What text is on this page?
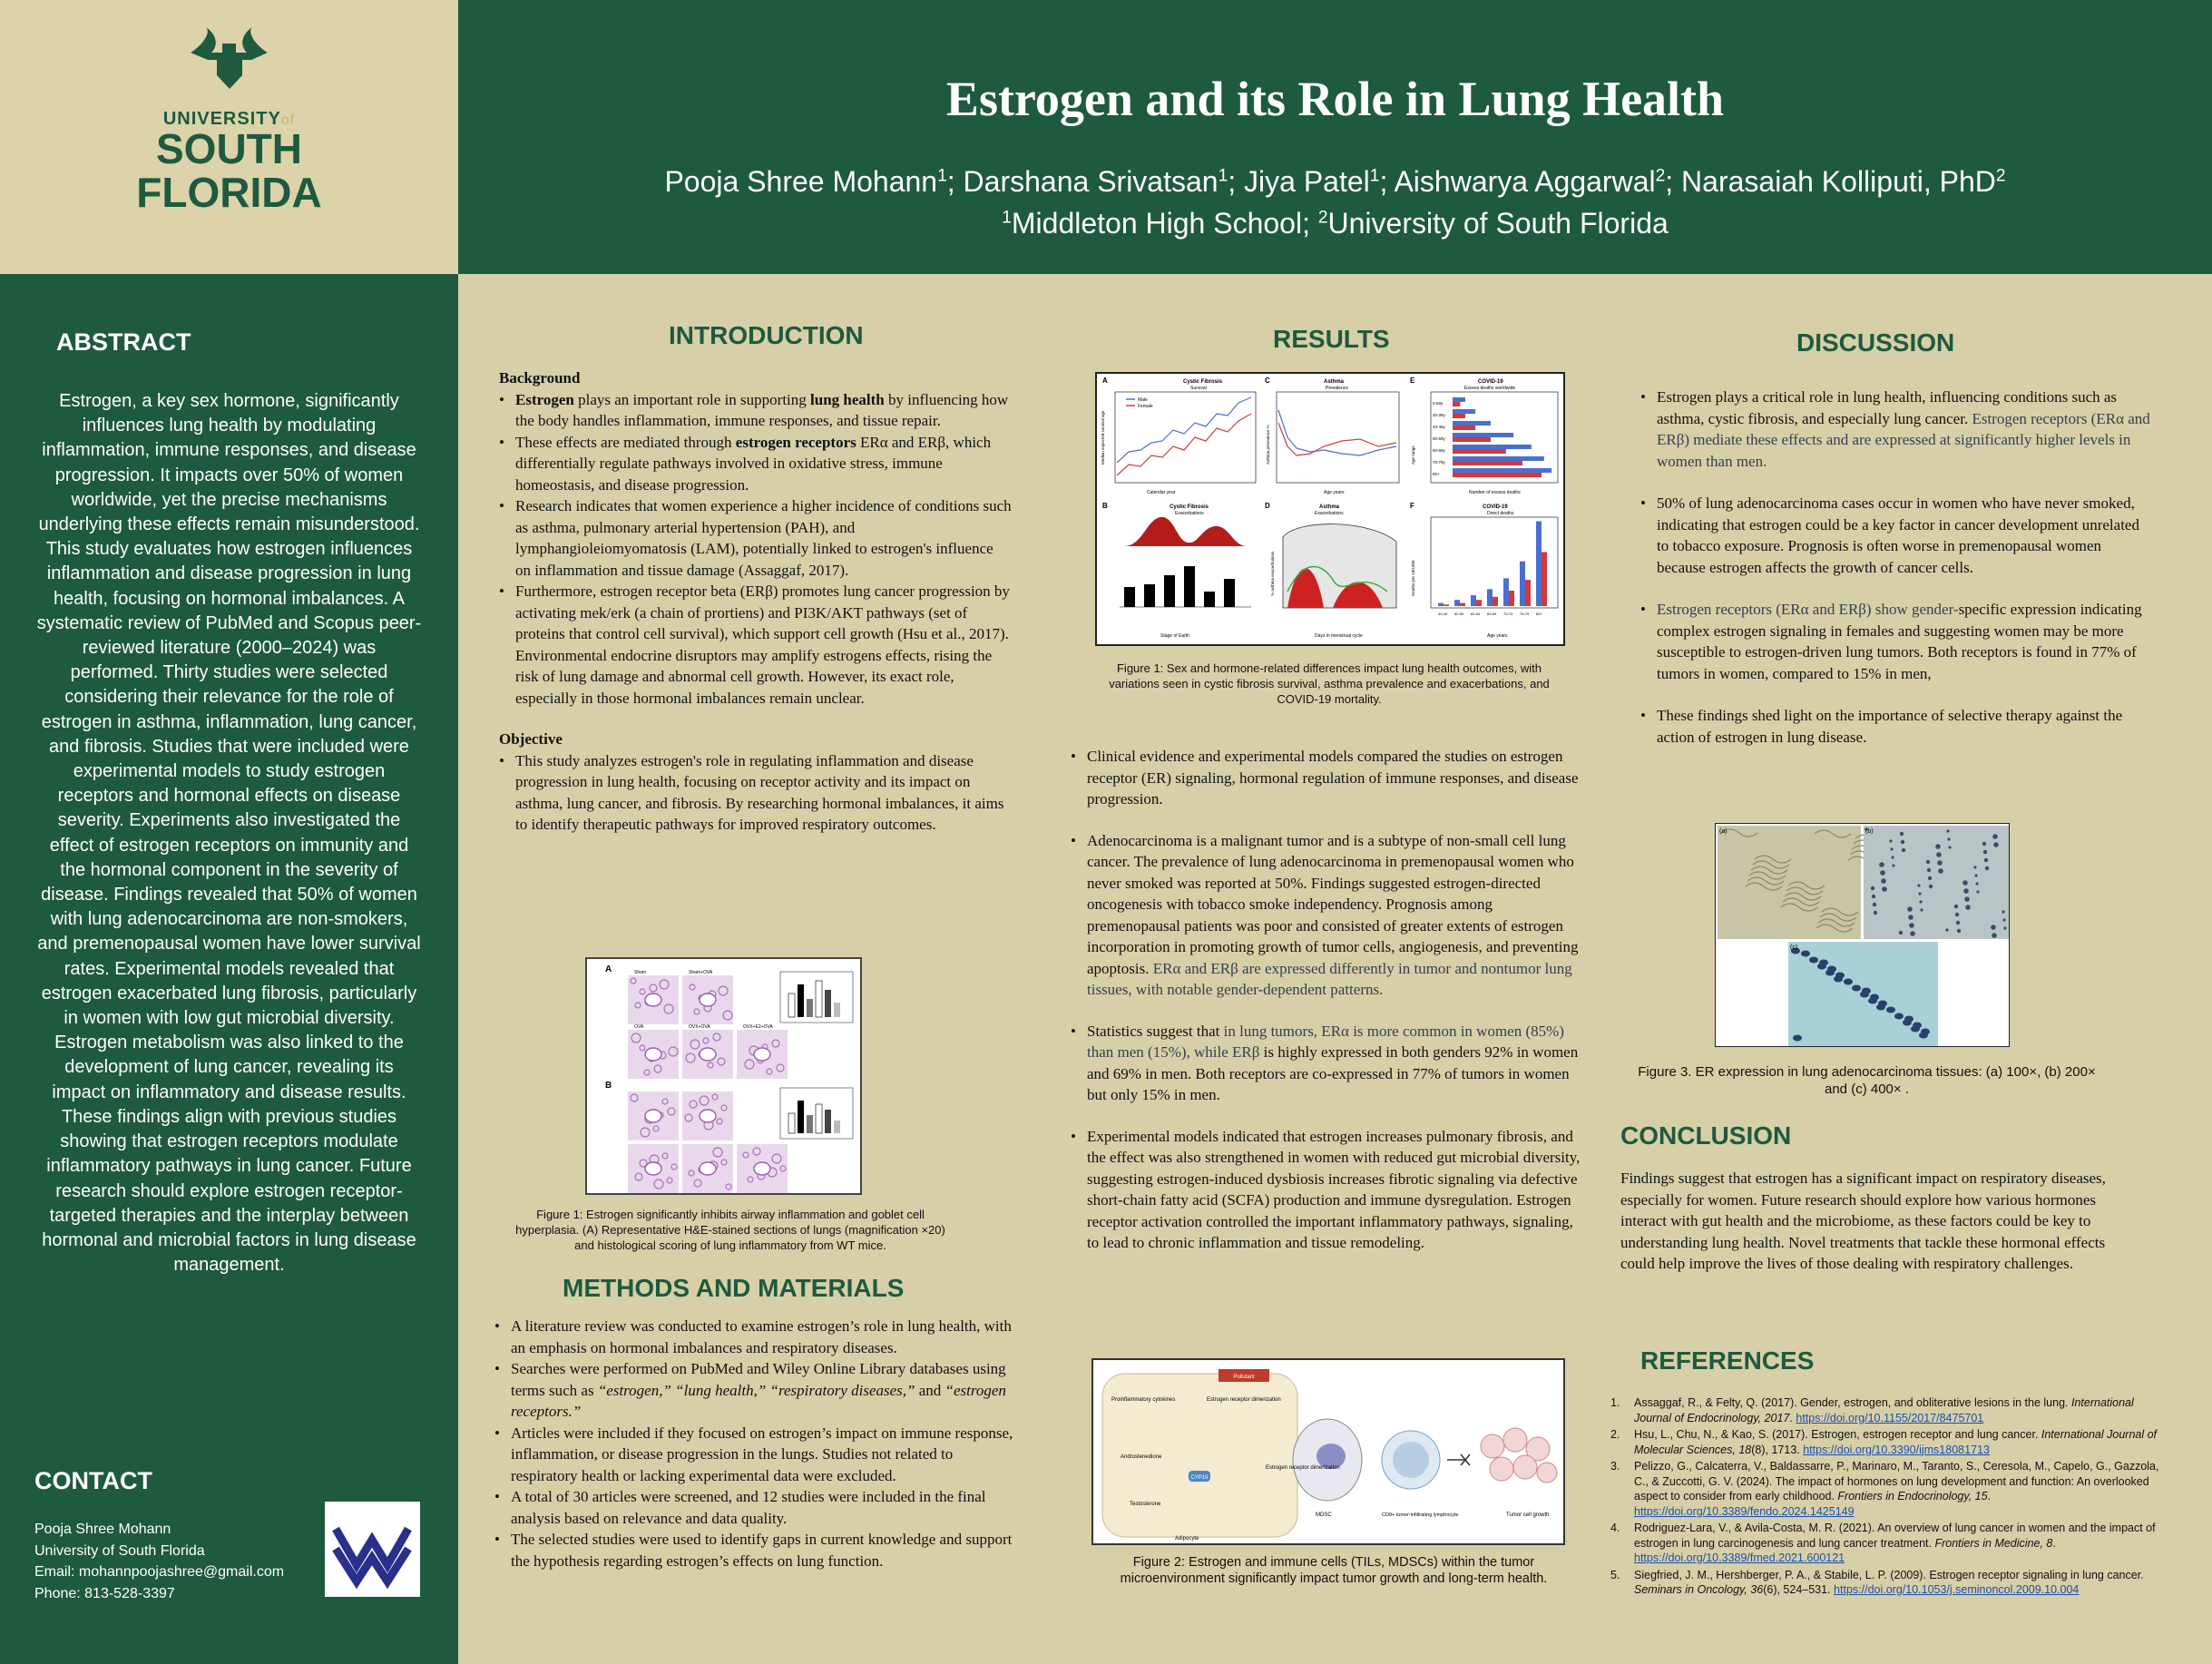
UNIVERSITYof
SOUTH
FLORIDA
Estrogen and its Role in Lung Health
Pooja Shree Mohann$^1$; Darshana Srivatsan$^1$; Jiya Patel$^1$; Aishwarya Aggarwal$^2$; Narasaiah Kolliputi, PhD$^2$
$^1$Middleton High School; $^2$University of South Florida
ABSTRACT
Estrogen, a key sex hormone, significantly influences lung health by modulating inflammation, immune responses, and disease progression. It impacts over 50% of women worldwide, yet the precise mechanisms underlying these effects remain misunderstood. This study evaluates how estrogen influences inflammation and disease progression in lung health, focusing on hormonal imbalances. A systematic review of PubMed and Scopus peer-reviewed literature (2000–2024) was performed. Thirty studies were selected considering their relevance for the role of estrogen in asthma, inflammation, lung cancer, and fibrosis. Studies that were included were experimental models to study estrogen receptors and hormonal effects on disease severity. Experiments also investigated the effect of estrogen receptors on immunity and the hormonal component in the severity of disease. Findings revealed that 50% of women with lung adenocarcinoma are non-smokers, and premenopausal women have lower survival rates. Experimental models revealed that estrogen exacerbated lung fibrosis, particularly in women with low gut microbial diversity. Estrogen metabolism was also linked to the development of lung cancer, revealing its impact on inflammatory and disease results. These findings align with previous studies showing that estrogen receptors modulate inflammatory pathways in lung cancer. Future research should explore estrogen receptor-targeted therapies and the interplay between hormonal and microbial factors in lung disease management.
CONTACT
Pooja Shree Mohann
University of South Florida
Email: mohannpoojashree@gmail.com
Phone: 813-528-3397
INTRODUCTION
Background
• Estrogen plays an important role in supporting lung health by influencing how the body handles inflammation, immune responses, and tissue repair.
• These effects are mediated through estrogen receptors ERα and ERβ, which differentially regulate pathways involved in oxidative stress, immune homeostasis, and disease progression.
• Research indicates that women experience a higher incidence of conditions such as asthma, pulmonary arterial hypertension (PAH), and lymphangioleiomyomatosis (LAM), potentially linked to estrogen's influence on inflammation and tissue damage (Assaggaf, 2017).
• Furthermore, estrogen receptor beta (ERβ) promotes lung cancer progression by activating mek/erk (a chain of prortiens) and PI3K/AKT pathways (set of proteins that control cell survival), which support cell growth (Hsu et al., 2017). Environmental endocrine disruptors may amplify estrogens effects, rising the risk of lung damage and abnormal cell growth. However, its exact role, especially in those hormonal imbalances remain unclear.
Objective
• This study analyzes estrogen's role in regulating inflammation and disease progression in lung health, focusing on receptor activity and its impact on asthma, lung cancer, and fibrosis. By researching hormonal imbalances, it aims to identify therapeutic pathways for improved respiratory outcomes.
A
B
Sham	Sham+OVA
OVA	OVX+OVA	OVX+E2+OVA
Figure 1: Estrogen significantly inhibits airway inflammation and goblet cell hyperplasia. (A) Representative H&E-stained sections of lungs (magnification ×20) and histological scoring of lung inflammatory from WT mice.
METHODS AND MATERIALS
• A literature review was conducted to examine estrogen’s role in lung health, with an emphasis on hormonal imbalances and respiratory diseases.
• Searches were performed on PubMed and Wiley Online Library databases using terms such as “estrogen,” “lung health,” “respiratory diseases,” and “estrogen receptors.”
• Articles were included if they focused on estrogen’s impact on immune response, inflammation, or disease progression in the lungs. Studies not related to respiratory health or lacking experimental data were excluded.
• A total of 30 articles were screened, and 12 studies were included in the final analysis based on relevance and data quality.
• The selected studies were used to identify gaps in current knowledge and support the hypothesis regarding estrogen’s effects on lung function.
RESULTS
A	Cystic Fibrosis
Survival
Calendar year
Median expected survival age
Male
Female
B	Cystic Fibrosis
Exacerbations
Stage of Earth
C	Asthma
Prevalence
Age years
Asthma prevalence %
D	Asthma
Exacerbations
Days in menstrual cycle
% asthma exacerbations
E	COVID-19
Excess deaths worldwide
0-59y
20-39y
40-49y
50-59y
60-69y
70-79y
80+
Number of excess deaths
Age range
F	COVID-19
Direct deaths
40-49 50-59 60-64 65-69 70-74 75-79 80+
Age years
Deaths per 100,000
Figure 1: Sex and hormone-related differences impact lung health outcomes, with variations seen in cystic fibrosis survival, asthma prevalence and exacerbations, and COVID-19 mortality.
• Clinical evidence and experimental models compared the studies on estrogen receptor (ER) signaling, hormonal regulation of immune responses, and disease progression.
• Adenocarcinoma is a malignant tumor and is a subtype of non-small cell lung cancer. The prevalence of lung adenocarcinoma in premenopausal women who never smoked was reported at 50%. Findings suggested estrogen-directed oncogenesis with tobacco smoke independency. Prognosis among premenopausal patients was poor and consisted of greater extents of estrogen incorporation in promoting growth of tumor cells, angiogenesis, and preventing apoptosis. ERα and ERβ are expressed differently in tumor and nontumor lung tissues, with notable gender-dependent patterns.
• Statistics suggest that in lung tumors, ERα is more common in women (85%) than men (15%), while ERβ is highly expressed in both genders 92% in women and 69% in men. Both receptors are co-expressed in 77% of tumors in women but only 15% in men.
• Experimental models indicated that estrogen increases pulmonary fibrosis, and the effect was also strengthened in women with reduced gut microbial diversity, suggesting estrogen-induced dysbiosis increases fibrotic signaling via defective short-chain fatty acid (SCFA) production and immune dysregulation. Estrogen receptor activation controlled the important inflammatory pathways, signaling, to lead to chronic inflammation and tissue remodeling.
Pollutant
Proinflammatory cytokines	Estrogen receptor dimerization
Androstenedione
CYP19
Testosterone
Adipocyte
Estrogen receptor dimerization
MDSC	CD8+ tumor-infiltrating lymphocyte	Tumor cell growth
Figure 2: Estrogen and immune cells (TILs, MDSCs) within the tumor microenvironment significantly impact tumor growth and long-term health.
DISCUSSION
• Estrogen plays a critical role in lung health, influencing conditions such as asthma, cystic fibrosis, and especially lung cancer. Estrogen receptors (ERα and ERβ) mediate these effects and are expressed at significantly higher levels in women than men.
• 50% of lung adenocarcinoma cases occur in women who have never smoked, indicating that estrogen could be a key factor in cancer development unrelated to tobacco exposure. Prognosis is often worse in premenopausal women because estrogen affects the growth of cancer cells.
• Estrogen receptors (ERα and ERβ) show gender-specific expression indicating complex estrogen signaling in females and suggesting women may be more susceptible to estrogen-driven lung tumors. Both receptors is found in 77% of tumors in women, compared to 15% in men,
• These findings shed light on the importance of selective therapy against the action of estrogen in lung disease.
(a)	(b)
(c)
Figure 3. ER expression in lung adenocarcinoma tissues: (a) 100×, (b) 200× and (c) 400× .
CONCLUSION
Findings suggest that estrogen has a significant impact on respiratory diseases, especially for women. Future research should explore how various hormones interact with gut health and the microbiome, as these factors could be key to understanding lung health. Novel treatments that tackle these hormonal effects could help improve the lives of those dealing with respiratory challenges.
REFERENCES
1. Assaggaf, R., & Felty, Q. (2017). Gender, estrogen, and obliterative lesions in the lung. International Journal of Endocrinology, 2017. https://doi.org/10.1155/2017/8475701
2. Hsu, L., Chu, N., & Kao, S. (2017). Estrogen, estrogen receptor and lung cancer. International Journal of Molecular Sciences, 18(8), 1713. https://doi.org/10.3390/ijms18081713
3. Pelizzo, G., Calcaterra, V., Baldassarre, P., Marinaro, M., Taranto, S., Ceresola, M., Capelo, G., Gazzola, C., & Zuccotti, G. V. (2024). The impact of hormones on lung development and function: An overlooked aspect to consider from early childhood. Frontiers in Endocrinology, 15. https://doi.org/10.3389/fendo.2024.1425149
4. Rodriguez-Lara, V., & Avila-Costa, M. R. (2021). An overview of lung cancer in women and the impact of estrogen in lung carcinogenesis and lung cancer treatment. Frontiers in Medicine, 8. https://doi.org/10.3389/fmed.2021.600121
5. Siegfried, J. M., Hershberger, P. A., & Stabile, L. P. (2009). Estrogen receptor signaling in lung cancer. Seminars in Oncology, 36(6), 524–531. https://doi.org/10.1053/j.seminoncol.2009.10.004
